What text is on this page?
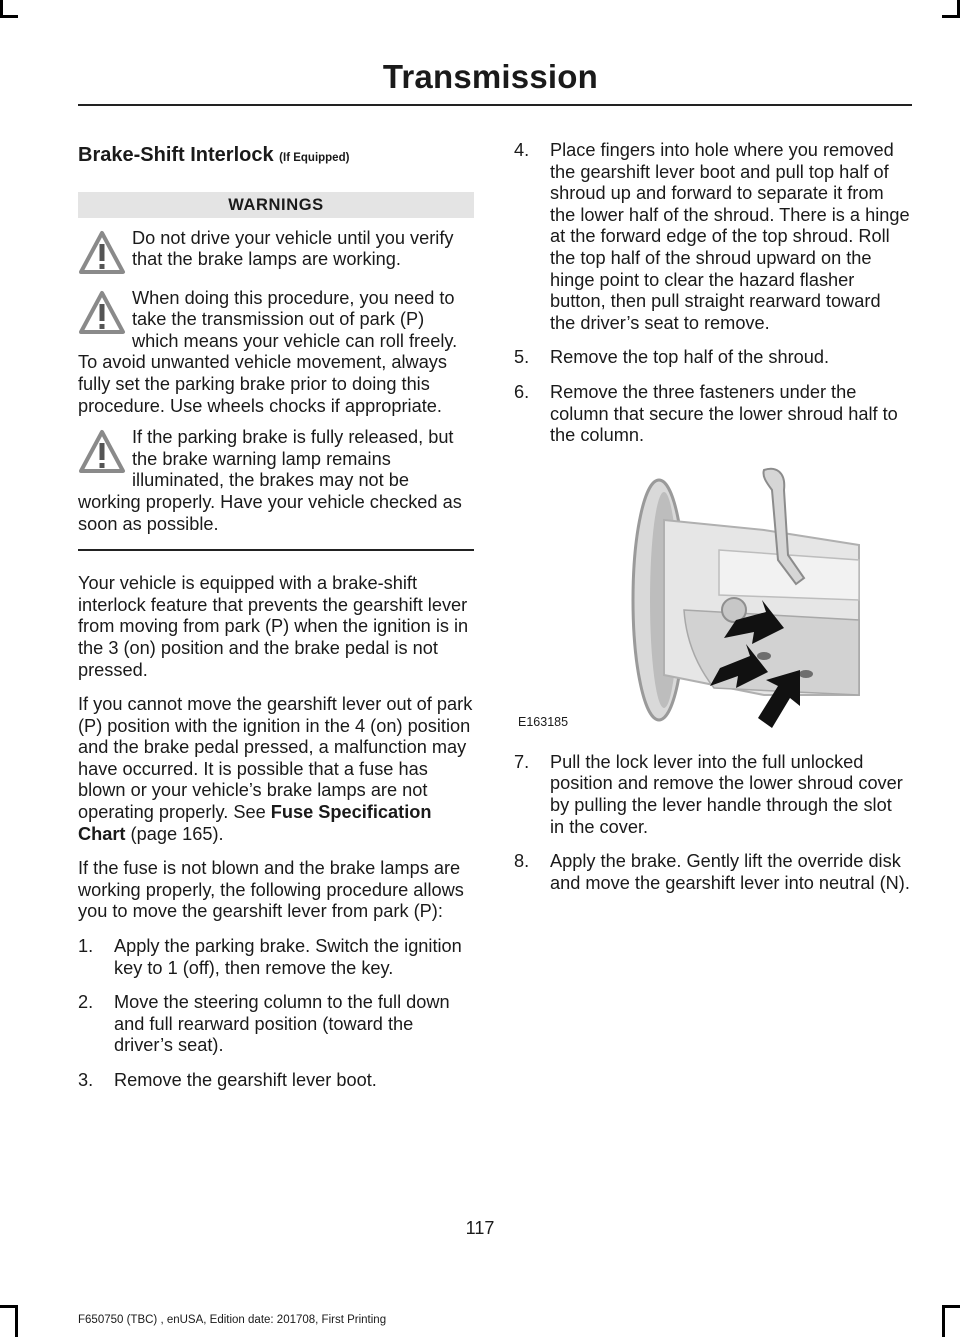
Transmission
Brake-Shift Interlock (If Equipped)
WARNINGS
Do not drive your vehicle until you verify that the brake lamps are working.
When doing this procedure, you need to take the transmission out of park (P) which means your vehicle can roll freely. To avoid unwanted vehicle movement, always fully set the parking brake prior to doing this procedure. Use wheels chocks if appropriate.
If the parking brake is fully released, but the brake warning lamp remains illuminated, the brakes may not be working properly. Have your vehicle checked as soon as possible.

Your vehicle is equipped with a brake-shift interlock feature that prevents the gearshift lever from moving from park (P) when the ignition is in the 3 (on) position and the brake pedal is not pressed.

If you cannot move the gearshift lever out of park (P) position with the ignition in the 4 (on) position and the brake pedal pressed, a malfunction may have occurred. It is possible that a fuse has blown or your vehicle’s brake lamps are not operating properly. See Fuse Specification Chart (page 165).

If the fuse is not blown and the brake lamps are working properly, the following procedure allows you to move the gearshift lever from park (P):

1. Apply the parking brake. Switch the ignition key to 1 (off), then remove the key.
2. Move the steering column to the full down and full rearward position (toward the driver’s seat).
3. Remove the gearshift lever boot.
4. Place fingers into hole where you removed the gearshift lever boot and pull top half of shroud up and forward to separate it from the lower half of the shroud. There is a hinge at the forward edge of the top shroud. Roll the top half of the shroud upward on the hinge point to clear the hazard flasher button, then pull straight rearward toward the driver’s seat to remove.
5. Remove the top half of the shroud.
6. Remove the three fasteners under the column that secure the lower shroud half to the column.
E163185
7. Pull the lock lever into the full unlocked position and remove the lower shroud cover by pulling the lever handle through the slot in the cover.
8. Apply the brake. Gently lift the override disk and move the gearshift lever into neutral (N).
117
F650750 (TBC) , enUSA, Edition date: 201708, First Printing
